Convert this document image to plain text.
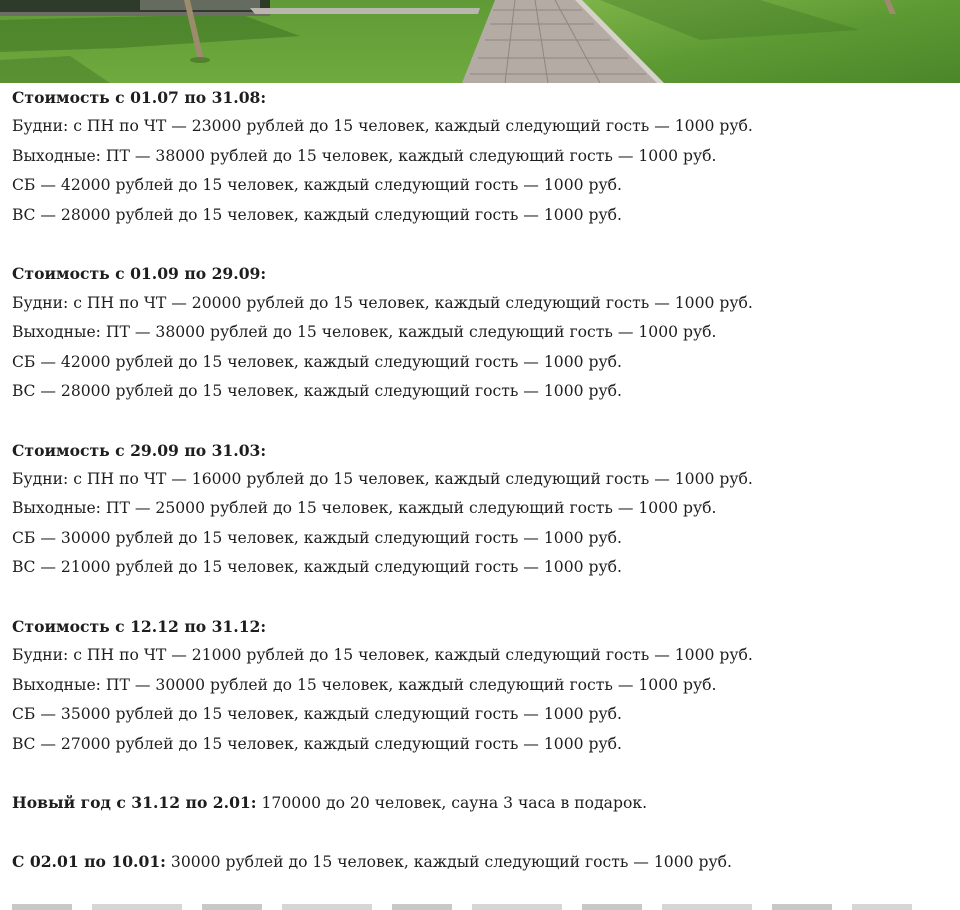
Стоимость с 01.07 по 31.08:
Будни: с ПН по ЧТ — 23000 рублей до 15 человек, каждый следующий гость — 1000 руб.
Выходные: ПТ — 38000 рублей до 15 человек, каждый следующий гость — 1000 руб.
СБ — 42000 рублей до 15 человек, каждый следующий гость — 1000 руб.
ВС — 28000 рублей до 15 человек, каждый следующий гость — 1000 руб.
Стоимость с 01.09 по 29.09:
Будни: с ПН по ЧТ — 20000 рублей до 15 человек, каждый следующий гость — 1000 руб.
Выходные: ПТ — 38000 рублей до 15 человек, каждый следующий гость — 1000 руб.
СБ — 42000 рублей до 15 человек, каждый следующий гость — 1000 руб.
ВС — 28000 рублей до 15 человек, каждый следующий гость — 1000 руб.
Стоимость с 29.09 по 31.03:
Будни: с ПН по ЧТ — 16000 рублей до 15 человек, каждый следующий гость — 1000 руб.
Выходные: ПТ — 25000 рублей до 15 человек, каждый следующий гость — 1000 руб.
СБ — 30000 рублей до 15 человек, каждый следующий гость — 1000 руб.
ВС — 21000 рублей до 15 человек, каждый следующий гость — 1000 руб.
Стоимость с 12.12 по 31.12:
Будни: с ПН по ЧТ — 21000 рублей до 15 человек, каждый следующий гость — 1000 руб.
Выходные: ПТ — 30000 рублей до 15 человек, каждый следующий гость — 1000 руб.
СБ — 35000 рублей до 15 человек, каждый следующий гость — 1000 руб.
ВС — 27000 рублей до 15 человек, каждый следующий гость — 1000 руб.
Новый год с 31.12 по 2.01: 170000 до 20 человек, сауна 3 часа в подарок.
С 02.01 по 10.01: 30000 рублей до 15 человек, каждый следующий гость — 1000 руб.
